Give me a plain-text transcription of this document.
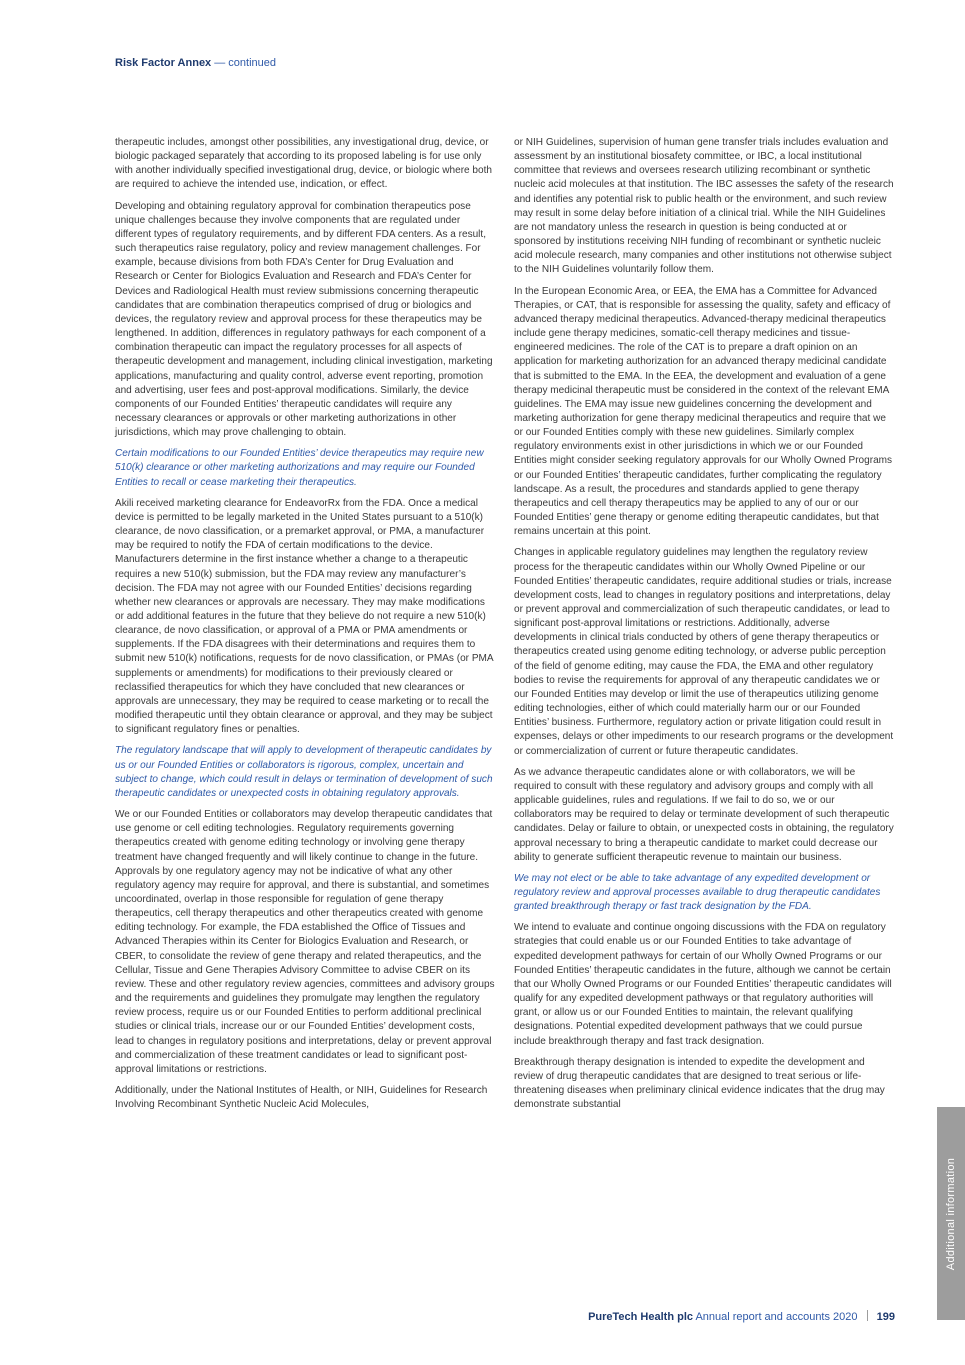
Risk Factor Annex — continued

therapeutic includes, amongst other possibilities, any investigational drug, device, or biologic packaged separately that according to its proposed labeling is for use only with another individually specified investigational drug, device, or biologic where both are required to achieve the intended use, indication, or effect.

Developing and obtaining regulatory approval for combination therapeutics pose unique challenges because they involve components that are regulated under different types of regulatory requirements, and by different FDA centers. As a result, such therapeutics raise regulatory, policy and review management challenges. For example, because divisions from both FDA’s Center for Drug Evaluation and Research or Center for Biologics Evaluation and Research and FDA’s Center for Devices and Radiological Health must review submissions concerning therapeutic candidates that are combination therapeutics comprised of drug or biologics and devices, the regulatory review and approval process for these therapeutics may be lengthened. In addition, differences in regulatory pathways for each component of a combination therapeutic can impact the regulatory processes for all aspects of therapeutic development and management, including clinical investigation, marketing applications, manufacturing and quality control, adverse event reporting, promotion and advertising, user fees and post-approval modifications. Similarly, the device components of our Founded Entities’ therapeutic candidates will require any necessary clearances or approvals or other marketing authorizations in other jurisdictions, which may prove challenging to obtain.

Certain modifications to our Founded Entities’ device therapeutics may require new 510(k) clearance or other marketing authorizations and may require our Founded Entities to recall or cease marketing their therapeutics.

Akili received marketing clearance for EndeavorRx from the FDA. Once a medical device is permitted to be legally marketed in the United States pursuant to a 510(k) clearance, de novo classification, or a premarket approval, or PMA, a manufacturer may be required to notify the FDA of certain modifications to the device. Manufacturers determine in the first instance whether a change to a therapeutic requires a new 510(k) submission, but the FDA may review any manufacturer’s decision. The FDA may not agree with our Founded Entities’ decisions regarding whether new clearances or approvals are necessary. They may make modifications or add additional features in the future that they believe do not require a new 510(k) clearance, de novo classification, or approval of a PMA or PMA amendments or supplements. If the FDA disagrees with their determinations and requires them to submit new 510(k) notifications, requests for de novo classification, or PMAs (or PMA supplements or amendments) for modifications to their previously cleared or reclassified therapeutics for which they have concluded that new clearances or approvals are unnecessary, they may be required to cease marketing or to recall the modified therapeutic until they obtain clearance or approval, and they may be subject to significant regulatory fines or penalties.

The regulatory landscape that will apply to development of therapeutic candidates by us or our Founded Entities or collaborators is rigorous, complex, uncertain and subject to change, which could result in delays or termination of development of such therapeutic candidates or unexpected costs in obtaining regulatory approvals.

We or our Founded Entities or collaborators may develop therapeutic candidates that use genome or cell editing technologies. Regulatory requirements governing therapeutics created with genome editing technology or involving gene therapy treatment have changed frequently and will likely continue to change in the future. Approvals by one regulatory agency may not be indicative of what any other regulatory agency may require for approval, and there is substantial, and sometimes uncoordinated, overlap in those responsible for regulation of gene therapy therapeutics, cell therapy therapeutics and other therapeutics created with genome editing technology. For example, the FDA established the Office of Tissues and Advanced Therapies within its Center for Biologics Evaluation and Research, or CBER, to consolidate the review of gene therapy and related therapeutics, and the Cellular, Tissue and Gene Therapies Advisory Committee to advise CBER on its review. These and other regulatory review agencies, committees and advisory groups and the requirements and guidelines they promulgate may lengthen the regulatory review process, require us or our Founded Entities to perform additional preclinical studies or clinical trials, increase our or our Founded Entities’ development costs, lead to changes in regulatory positions and interpretations, delay or prevent approval and commercialization of these treatment candidates or lead to significant post-approval limitations or restrictions.

Additionally, under the National Institutes of Health, or NIH, Guidelines for Research Involving Recombinant Synthetic Nucleic Acid Molecules,

or NIH Guidelines, supervision of human gene transfer trials includes evaluation and assessment by an institutional biosafety committee, or IBC, a local institutional committee that reviews and oversees research utilizing recombinant or synthetic nucleic acid molecules at that institution. The IBC assesses the safety of the research and identifies any potential risk to public health or the environment, and such review may result in some delay before initiation of a clinical trial. While the NIH Guidelines are not mandatory unless the research in question is being conducted at or sponsored by institutions receiving NIH funding of recombinant or synthetic nucleic acid molecule research, many companies and other institutions not otherwise subject to the NIH Guidelines voluntarily follow them.

In the European Economic Area, or EEA, the EMA has a Committee for Advanced Therapies, or CAT, that is responsible for assessing the quality, safety and efficacy of advanced therapy medicinal therapeutics. Advanced-therapy medicinal therapeutics include gene therapy medicines, somatic-cell therapy medicines and tissue-engineered medicines. The role of the CAT is to prepare a draft opinion on an application for marketing authorization for an advanced therapy medicinal candidate that is submitted to the EMA. In the EEA, the development and evaluation of a gene therapy medicinal therapeutic must be considered in the context of the relevant EMA guidelines. The EMA may issue new guidelines concerning the development and marketing authorization for gene therapy medicinal therapeutics and require that we or our Founded Entities comply with these new guidelines. Similarly complex regulatory environments exist in other jurisdictions in which we or our Founded Entities might consider seeking regulatory approvals for our Wholly Owned Programs or our Founded Entities’ therapeutic candidates, further complicating the regulatory landscape. As a result, the procedures and standards applied to gene therapy therapeutics and cell therapy therapeutics may be applied to any of our or our Founded Entities’ gene therapy or genome editing therapeutic candidates, but that remains uncertain at this point.

Changes in applicable regulatory guidelines may lengthen the regulatory review process for the therapeutic candidates within our Wholly Owned Pipeline or our Founded Entities’ therapeutic candidates, require additional studies or trials, increase development costs, lead to changes in regulatory positions and interpretations, delay or prevent approval and commercialization of such therapeutic candidates, or lead to significant post-approval limitations or restrictions. Additionally, adverse developments in clinical trials conducted by others of gene therapy therapeutics or therapeutics created using genome editing technology, or adverse public perception of the field of genome editing, may cause the FDA, the EMA and other regulatory bodies to revise the requirements for approval of any therapeutic candidates we or our Founded Entities may develop or limit the use of therapeutics utilizing genome editing technologies, either of which could materially harm our or our Founded Entities’ business. Furthermore, regulatory action or private litigation could result in expenses, delays or other impediments to our research programs or the development or commercialization of current or future therapeutic candidates.

As we advance therapeutic candidates alone or with collaborators, we will be required to consult with these regulatory and advisory groups and comply with all applicable guidelines, rules and regulations. If we fail to do so, we or our collaborators may be required to delay or terminate development of such therapeutic candidates. Delay or failure to obtain, or unexpected costs in obtaining, the regulatory approval necessary to bring a therapeutic candidate to market could decrease our ability to generate sufficient therapeutic revenue to maintain our business.

We may not elect or be able to take advantage of any expedited development or regulatory review and approval processes available to drug therapeutic candidates granted breakthrough therapy or fast track designation by the FDA.

We intend to evaluate and continue ongoing discussions with the FDA on regulatory strategies that could enable us or our Founded Entities to take advantage of expedited development pathways for certain of our Wholly Owned Programs or our Founded Entities’ therapeutic candidates in the future, although we cannot be certain that our Wholly Owned Programs or our Founded Entities’ therapeutic candidates will qualify for any expedited development pathways or that regulatory authorities will grant, or allow us or our Founded Entities to maintain, the relevant qualifying designations. Potential expedited development pathways that we could pursue include breakthrough therapy and fast track designation.

Breakthrough therapy designation is intended to expedite the development and review of drug therapeutic candidates that are designed to treat serious or life-threatening diseases when preliminary clinical evidence indicates that the drug may demonstrate substantial

Additional information
PureTech Health plc Annual report and accounts 2020 199
